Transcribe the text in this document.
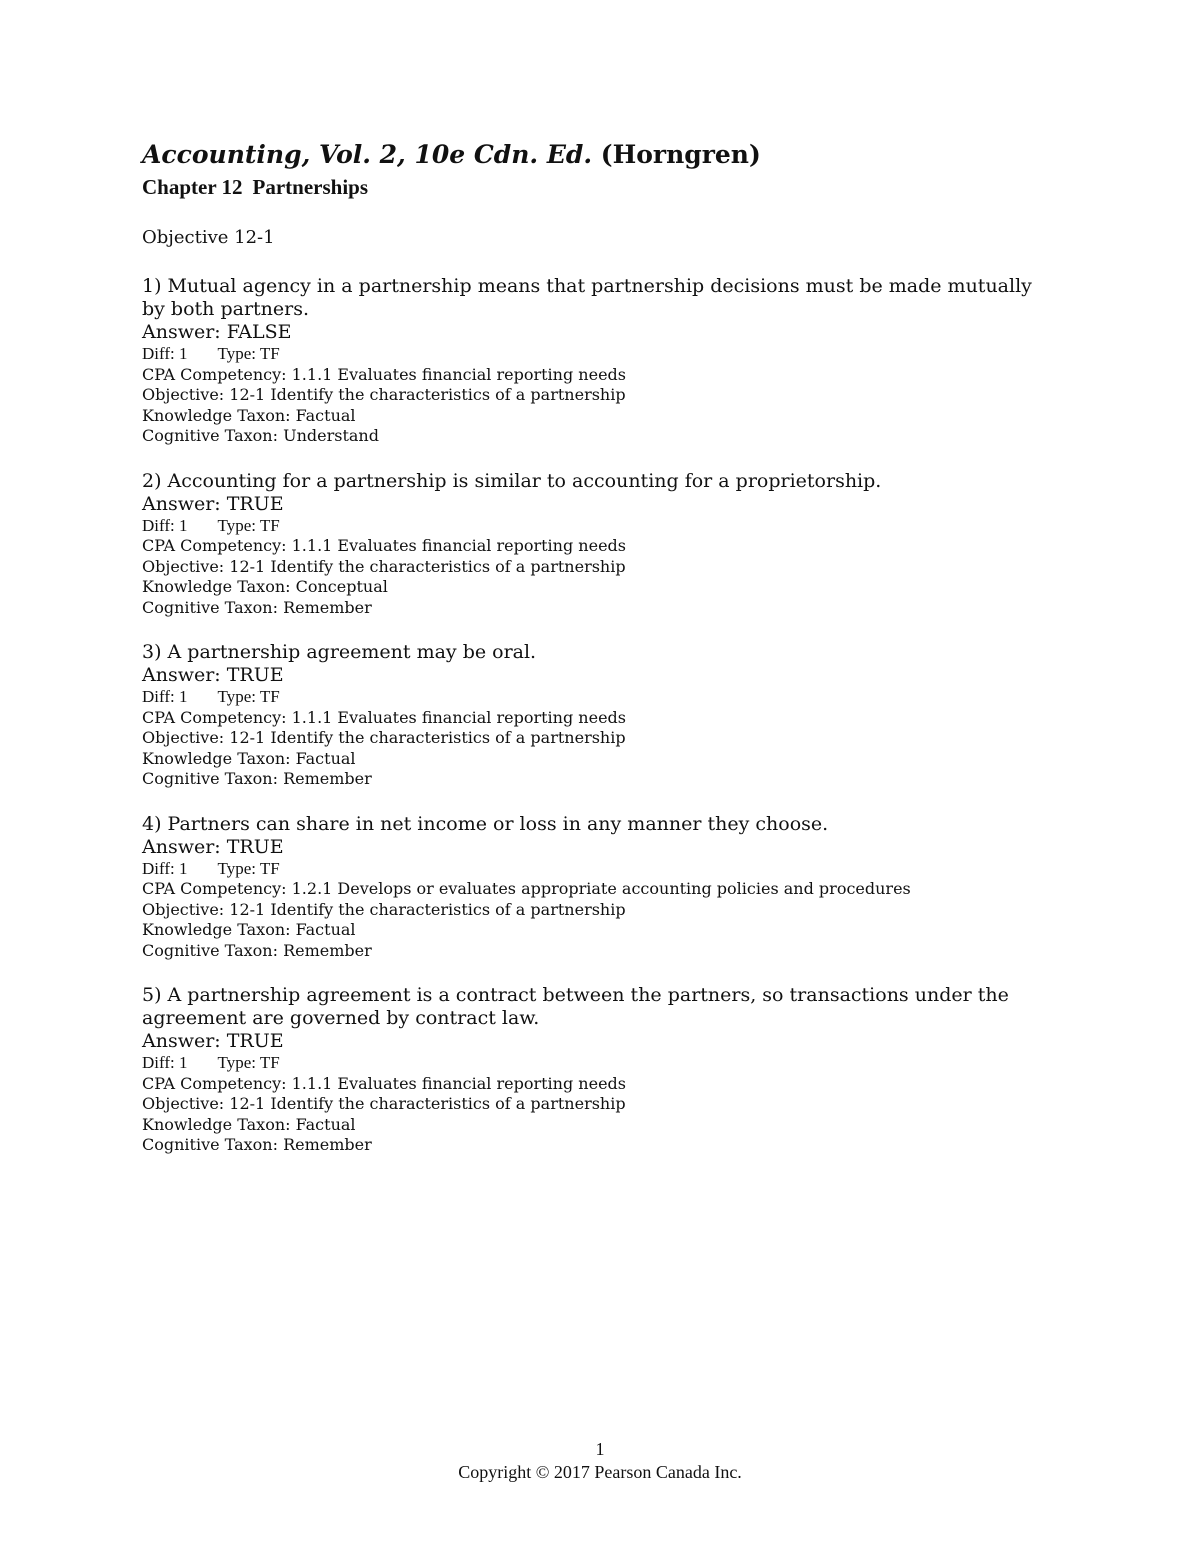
Accounting, Vol. 2, 10e Cdn. Ed. (Horngren)
Chapter 12 Partnerships
Objective 12-1

1) Mutual agency in a partnership means that partnership decisions must be made mutually by both partners.

Answer: FALSE

Diff: 1 Type: TF

CPA Competency: 1.1.1 Evaluates financial reporting needs

Objective: 12-1 Identify the characteristics of a partnership

Knowledge Taxon: Factual

Cognitive Taxon: Understand

2) Accounting for a partnership is similar to accounting for a proprietorship.

Answer: TRUE

Diff: 1 Type: TF

CPA Competency: 1.1.1 Evaluates financial reporting needs

Objective: 12-1 Identify the characteristics of a partnership

Knowledge Taxon: Conceptual

Cognitive Taxon: Remember

3) A partnership agreement may be oral.

Answer: TRUE

Diff: 1 Type: TF

CPA Competency: 1.1.1 Evaluates financial reporting needs

Objective: 12-1 Identify the characteristics of a partnership

Knowledge Taxon: Factual

Cognitive Taxon: Remember

4) Partners can share in net income or loss in any manner they choose.

Answer: TRUE

Diff: 1 Type: TF

CPA Competency: 1.2.1 Develops or evaluates appropriate accounting policies and procedures

Objective: 12-1 Identify the characteristics of a partnership

Knowledge Taxon: Factual

Cognitive Taxon: Remember

5) A partnership agreement is a contract between the partners, so transactions under the agreement are governed by contract law.

Answer: TRUE

Diff: 1 Type: TF

CPA Competency: 1.1.1 Evaluates financial reporting needs

Objective: 12-1 Identify the characteristics of a partnership

Knowledge Taxon: Factual

Cognitive Taxon: Remember

1
Copyright © 2017 Pearson Canada Inc.
